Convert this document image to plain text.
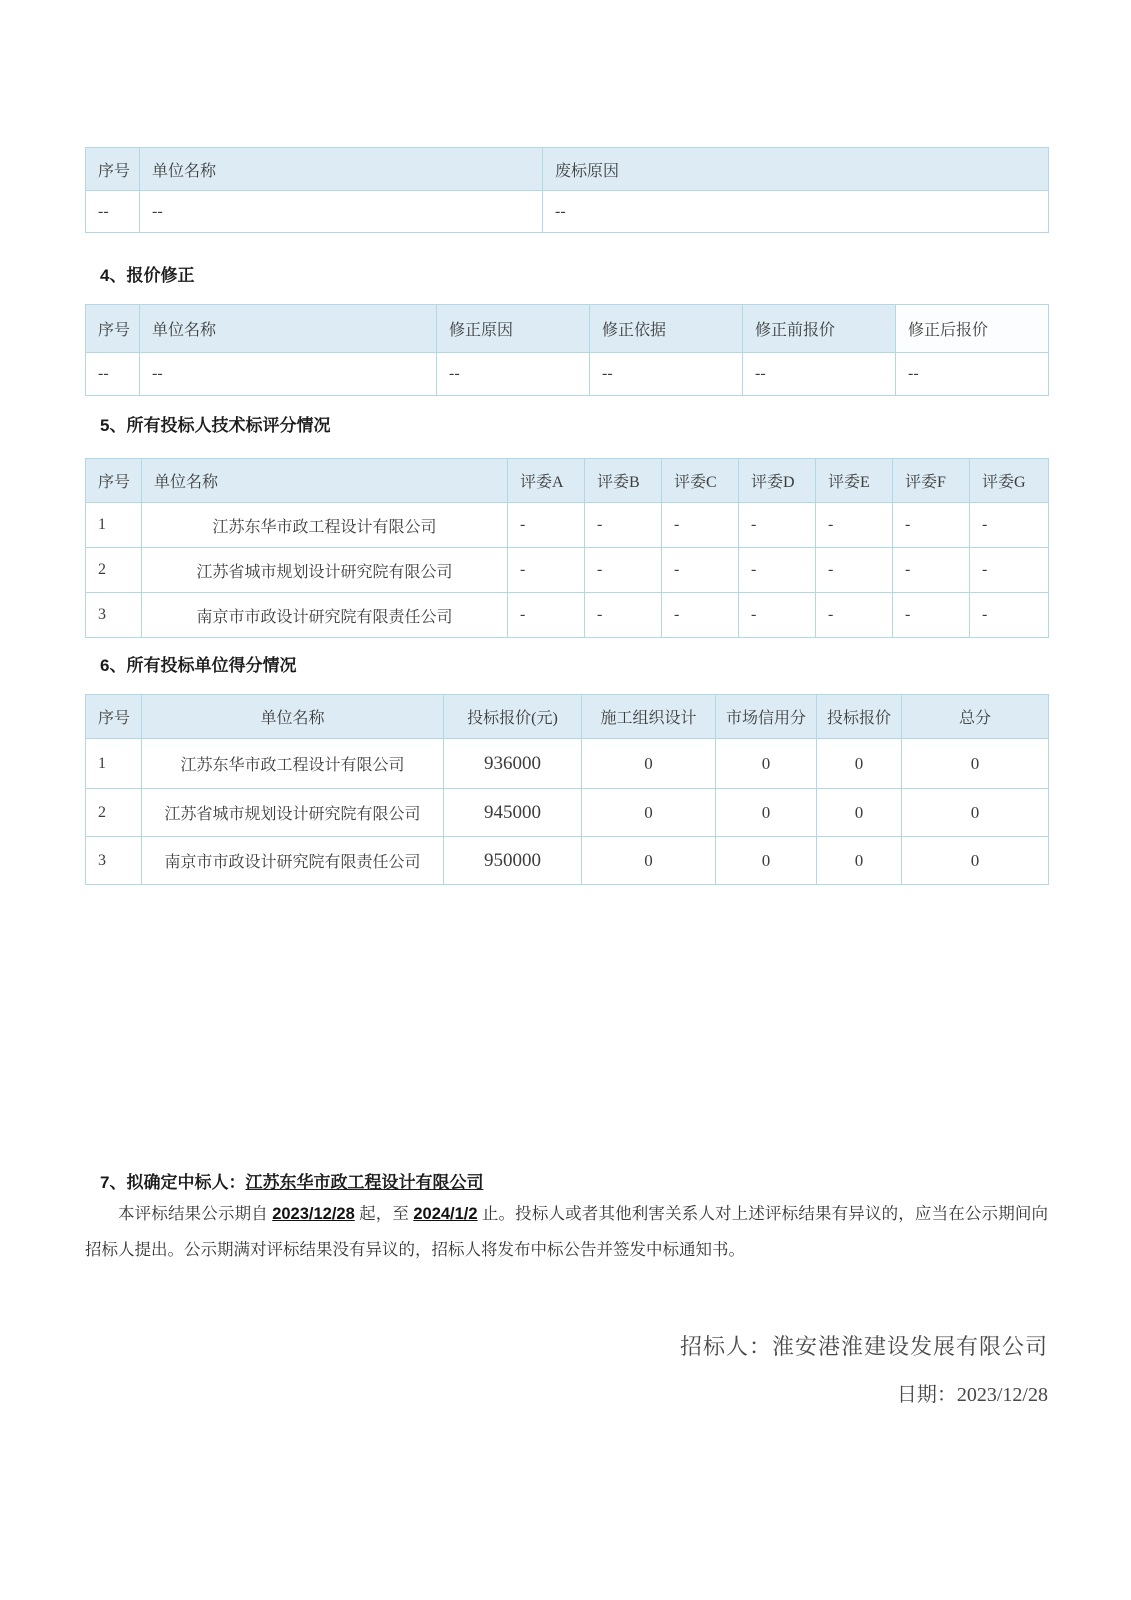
序号	单位名称	废标原因
--	--	--
4、报价修正
序号	单位名称	修正原因	修正依据	修正前报价	修正后报价
--	--	--	--	--	--
5、所有投标人技术标评分情况
序号	单位名称	评委A	评委B	评委C	评委D	评委E	评委F	评委G
1	江苏东华市政工程设计有限公司	-	-	-	-	-	-	-
2	江苏省城市规划设计研究院有限公司	-	-	-	-	-	-	-
3	南京市市政设计研究院有限责任公司	-	-	-	-	-	-	-
6、所有投标单位得分情况
序号	单位名称	投标报价(元)	施工组织设计	市场信用分	投标报价	总分
1	江苏东华市政工程设计有限公司	936000	0	0	0	0
2	江苏省城市规划设计研究院有限公司	945000	0	0	0	0
3	南京市市政设计研究院有限责任公司	950000	0	0	0	0
7、拟确定中标人：江苏东华市政工程设计有限公司

本评标结果公示期自 2023/12/28 起，至 2024/1/2 止。投标人或者其他利害关系人对上述评标结果有异议的，应当在公示期间向招标人提出。公示期满对评标结果没有异议的，招标人将发布中标公告并签发中标通知书。

招标人：淮安港淮建设发展有限公司
日期：2023/12/28
